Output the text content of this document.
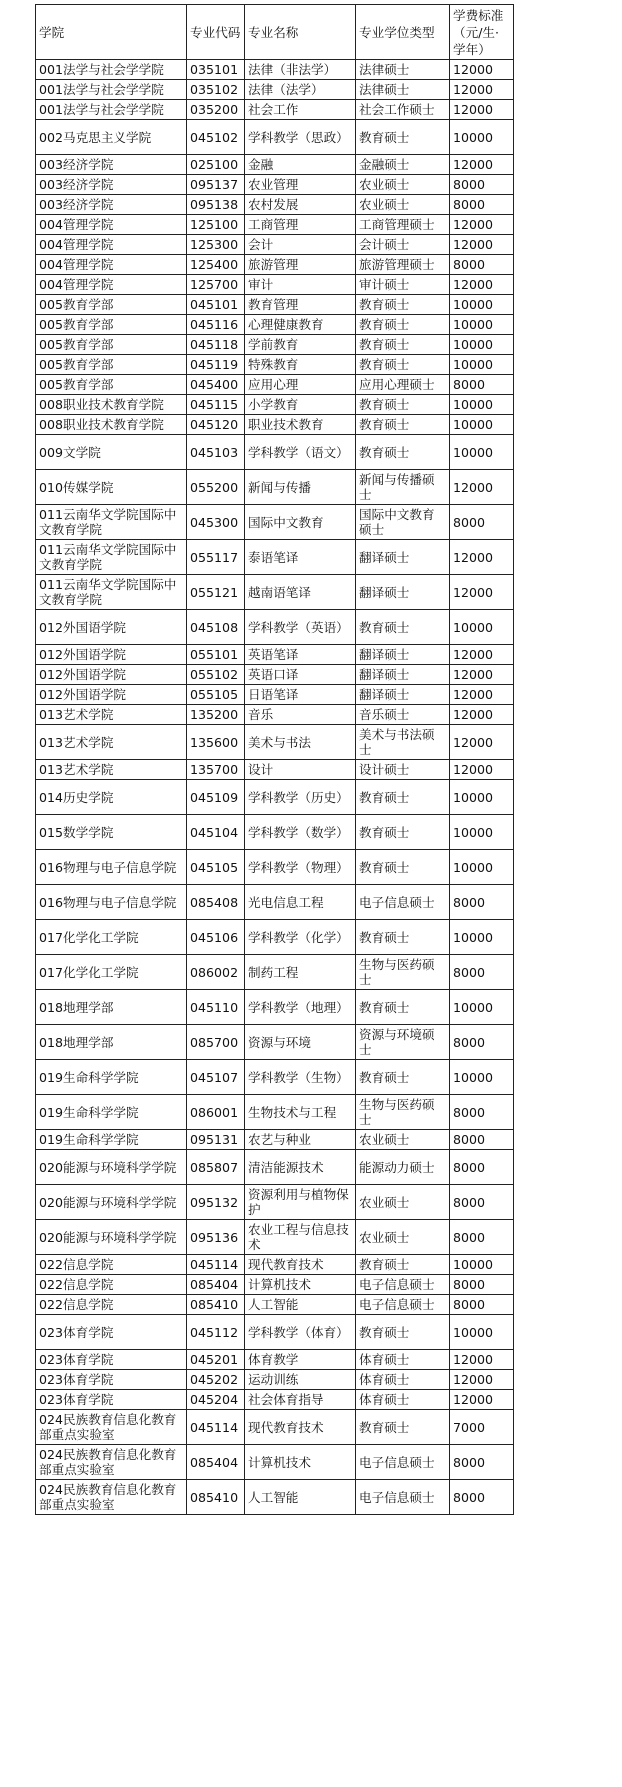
学院	专业代码	专业名称	专业学位类型	学费标准（元/生·学年）
001法学与社会学学院	035101	法律（非法学）	法律硕士	12000
001法学与社会学学院	035102	法律（法学）	法律硕士	12000
001法学与社会学学院	035200	社会工作	社会工作硕士	12000
002马克思主义学院	045102	学科教学（思政）	教育硕士	10000
003经济学院	025100	金融	金融硕士	12000
003经济学院	095137	农业管理	农业硕士	8000
003经济学院	095138	农村发展	农业硕士	8000
004管理学院	125100	工商管理	工商管理硕士	12000
004管理学院	125300	会计	会计硕士	12000
004管理学院	125400	旅游管理	旅游管理硕士	8000
004管理学院	125700	审计	审计硕士	12000
005教育学部	045101	教育管理	教育硕士	10000
005教育学部	045116	心理健康教育	教育硕士	10000
005教育学部	045118	学前教育	教育硕士	10000
005教育学部	045119	特殊教育	教育硕士	10000
005教育学部	045400	应用心理	应用心理硕士	8000
008职业技术教育学院	045115	小学教育	教育硕士	10000
008职业技术教育学院	045120	职业技术教育	教育硕士	10000
009文学院	045103	学科教学（语文）	教育硕士	10000
010传媒学院	055200	新闻与传播	新闻与传播硕士	12000
011云南华文学院国际中文教育学院	045300	国际中文教育	国际中文教育硕士	8000
011云南华文学院国际中文教育学院	055117	泰语笔译	翻译硕士	12000
011云南华文学院国际中文教育学院	055121	越南语笔译	翻译硕士	12000
012外国语学院	045108	学科教学（英语）	教育硕士	10000
012外国语学院	055101	英语笔译	翻译硕士	12000
012外国语学院	055102	英语口译	翻译硕士	12000
012外国语学院	055105	日语笔译	翻译硕士	12000
013艺术学院	135200	音乐	音乐硕士	12000
013艺术学院	135600	美术与书法	美术与书法硕士	12000
013艺术学院	135700	设计	设计硕士	12000
014历史学院	045109	学科教学（历史）	教育硕士	10000
015数学学院	045104	学科教学（数学）	教育硕士	10000
016物理与电子信息学院	045105	学科教学（物理）	教育硕士	10000
016物理与电子信息学院	085408	光电信息工程	电子信息硕士	8000
017化学化工学院	045106	学科教学（化学）	教育硕士	10000
017化学化工学院	086002	制药工程	生物与医药硕士	8000
018地理学部	045110	学科教学（地理）	教育硕士	10000
018地理学部	085700	资源与环境	资源与环境硕士	8000
019生命科学学院	045107	学科教学（生物）	教育硕士	10000
019生命科学学院	086001	生物技术与工程	生物与医药硕士	8000
019生命科学学院	095131	农艺与种业	农业硕士	8000
020能源与环境科学学院	085807	清洁能源技术	能源动力硕士	8000
020能源与环境科学学院	095132	资源利用与植物保护	农业硕士	8000
020能源与环境科学学院	095136	农业工程与信息技术	农业硕士	8000
022信息学院	045114	现代教育技术	教育硕士	10000
022信息学院	085404	计算机技术	电子信息硕士	8000
022信息学院	085410	人工智能	电子信息硕士	8000
023体育学院	045112	学科教学（体育）	教育硕士	10000
023体育学院	045201	体育教学	体育硕士	12000
023体育学院	045202	运动训练	体育硕士	12000
023体育学院	045204	社会体育指导	体育硕士	12000
024民族教育信息化教育部重点实验室	045114	现代教育技术	教育硕士	7000
024民族教育信息化教育部重点实验室	085404	计算机技术	电子信息硕士	8000
024民族教育信息化教育部重点实验室	085410	人工智能	电子信息硕士	8000
